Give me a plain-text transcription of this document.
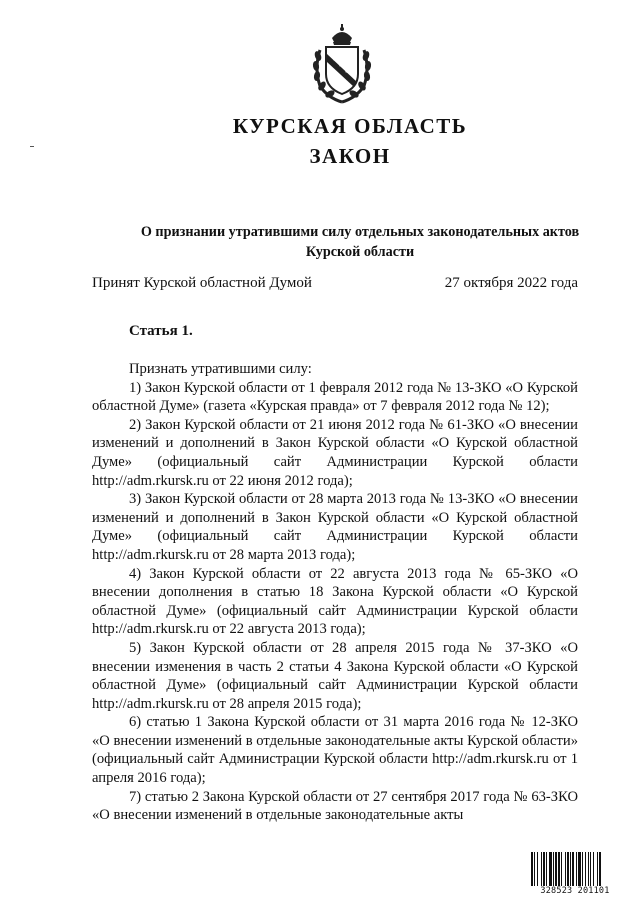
КУРСКАЯ ОБЛАСТЬ
ЗАКОН
О признании утратившими силу отдельных законодательных актов
Курской области
Принят Курской областной Думой	27 октября 2022 года
Статья 1.

Признать утратившими силу:

1) Закон Курской области от 1 февраля 2012 года № 13-ЗКО «О Курской областной Думе» (газета «Курская правда» от 7 февраля 2012 года № 12);

2) Закон Курской области от 21 июня 2012 года № 61-ЗКО «О внесении изменений и дополнений в Закон Курской области «О Курской областной Думе» (официальный сайт Администрации Курской области http://adm.rkursk.ru от 22 июня 2012 года);

3) Закон Курской области от 28 марта 2013 года № 13-ЗКО «О внесении изменений и дополнений в Закон Курской области «О Курской областной Думе» (официальный сайт Администрации Курской области http://adm.rkursk.ru от 28 марта 2013 года);

4) Закон Курской области от 22 августа 2013 года № 65-ЗКО «О внесении дополнения в статью 18 Закона Курской области «О Курской областной Думе» (официальный сайт Администрации Курской области http://adm.rkursk.ru от 22 августа 2013 года);

5) Закон Курской области от 28 апреля 2015 года № 37-ЗКО «О внесении изменения в часть 2 статьи 4 Закона Курской области «О Курской областной Думе» (официальный сайт Администрации Курской области http://adm.rkursk.ru от 28 апреля 2015 года);

6) статью 1 Закона Курской области от 31 марта 2016 года № 12-ЗКО «О внесении изменений в отдельные законодательные акты Курской области» (официальный сайт Администрации Курской области http://adm.rkursk.ru от 1 апреля 2016 года);

7) статью 2 Закона Курской области от 27 сентября 2017 года № 63-ЗКО «О внесении изменений в отдельные законодательные акты

328523 201101
